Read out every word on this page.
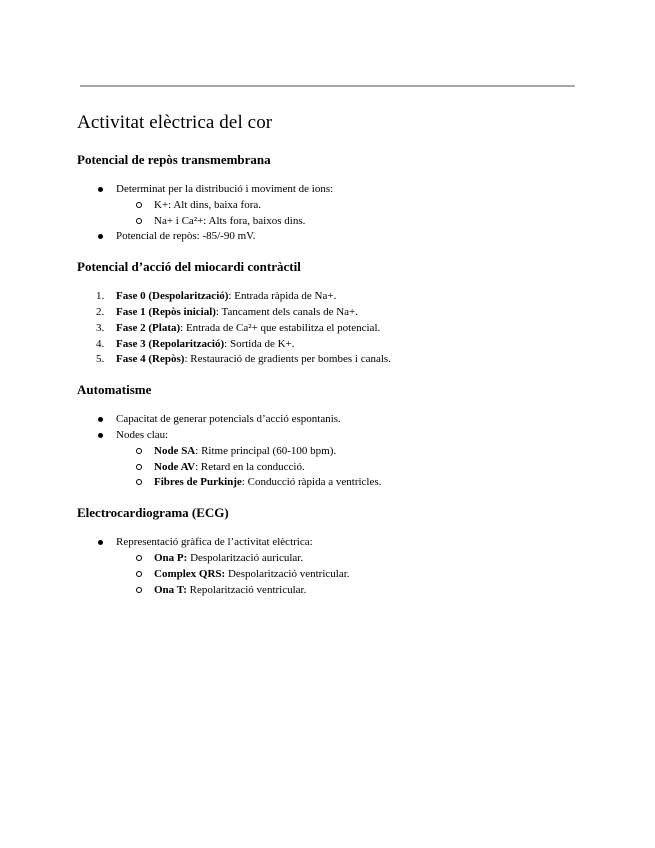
Activitat elèctrica del cor
Potencial de repòs transmembrana
Determinat per la distribució i moviment de ions:
K+: Alt dins, baixa fora.
Na+ i Ca²+: Alts fora, baixos dins.
Potencial de repòs: -85/-90 mV.
Potencial d’acció del miocardi contràctil
1. Fase 0 (Despolarització): Entrada ràpida de Na+.
2. Fase 1 (Repòs inicial): Tancament dels canals de Na+.
3. Fase 2 (Plata): Entrada de Ca²+ que estabilitza el potencial.
4. Fase 3 (Repolarització): Sortida de K+.
5. Fase 4 (Repòs): Restauració de gradients per bombes i canals.
Automatisme
Capacitat de generar potencials d’acció espontanis.
Nodes clau:
Node SA: Ritme principal (60-100 bpm).
Node AV: Retard en la conducció.
Fibres de Purkinje: Conducció ràpida a ventricles.
Electrocardiograma (ECG)
Representació gràfica de l’activitat elèctrica:
Ona P: Despolarització auricular.
Complex QRS: Despolarització ventricular.
Ona T: Repolarització ventricular.
